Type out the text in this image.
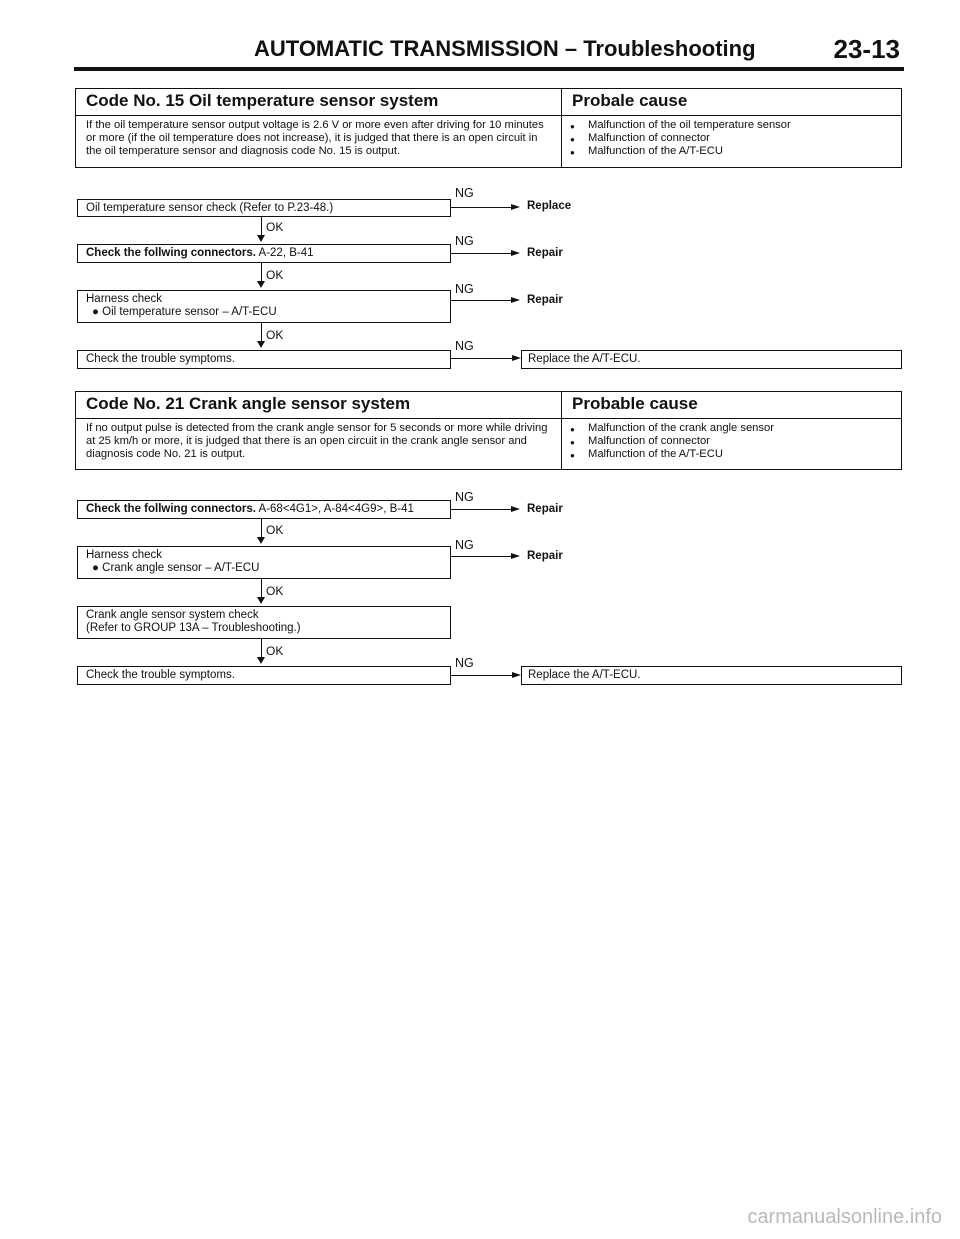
AUTOMATIC TRANSMISSION – Troubleshooting	23-13
Code No. 15 Oil temperature sensor system	Probale cause
If the oil temperature sensor output voltage is 2.6 V or more even after driving for 10 minutes or more (if the oil temperature does not increase), it is judged that there is an open circuit in the oil temperature sensor and diagnosis code No. 15 is output.
● Malfunction of the oil temperature sensor
● Malfunction of connector
● Malfunction of the A/T-ECU
Oil temperature sensor check (Refer to P.23-48.)
NG
Replace
OK
Check the follwing connectors. A-22, B-41
NG
Repair
OK
Harness check
● Oil temperature sensor – A/T-ECU
NG
Repair
OK
Check the trouble symptoms.
NG
Replace the A/T-ECU.
Code No. 21 Crank angle sensor system	Probable cause
If no output pulse is detected from the crank angle sensor for 5 seconds or more while driving at 25 km/h or more, it is judged that there is an open circuit in the crank angle sensor and diagnosis code No. 21 is output.
● Malfunction of the crank angle sensor
● Malfunction of connector
● Malfunction of the A/T-ECU
Check the follwing connectors. A-68<4G1>, A-84<4G9>, B-41
NG
Repair
OK
Harness check
● Crank angle sensor – A/T-ECU
NG
Repair
OK
Crank angle sensor system check
(Refer to GROUP 13A – Troubleshooting.)
OK
Check the trouble symptoms.
NG
Replace the A/T-ECU.
carmanualsonline.info
